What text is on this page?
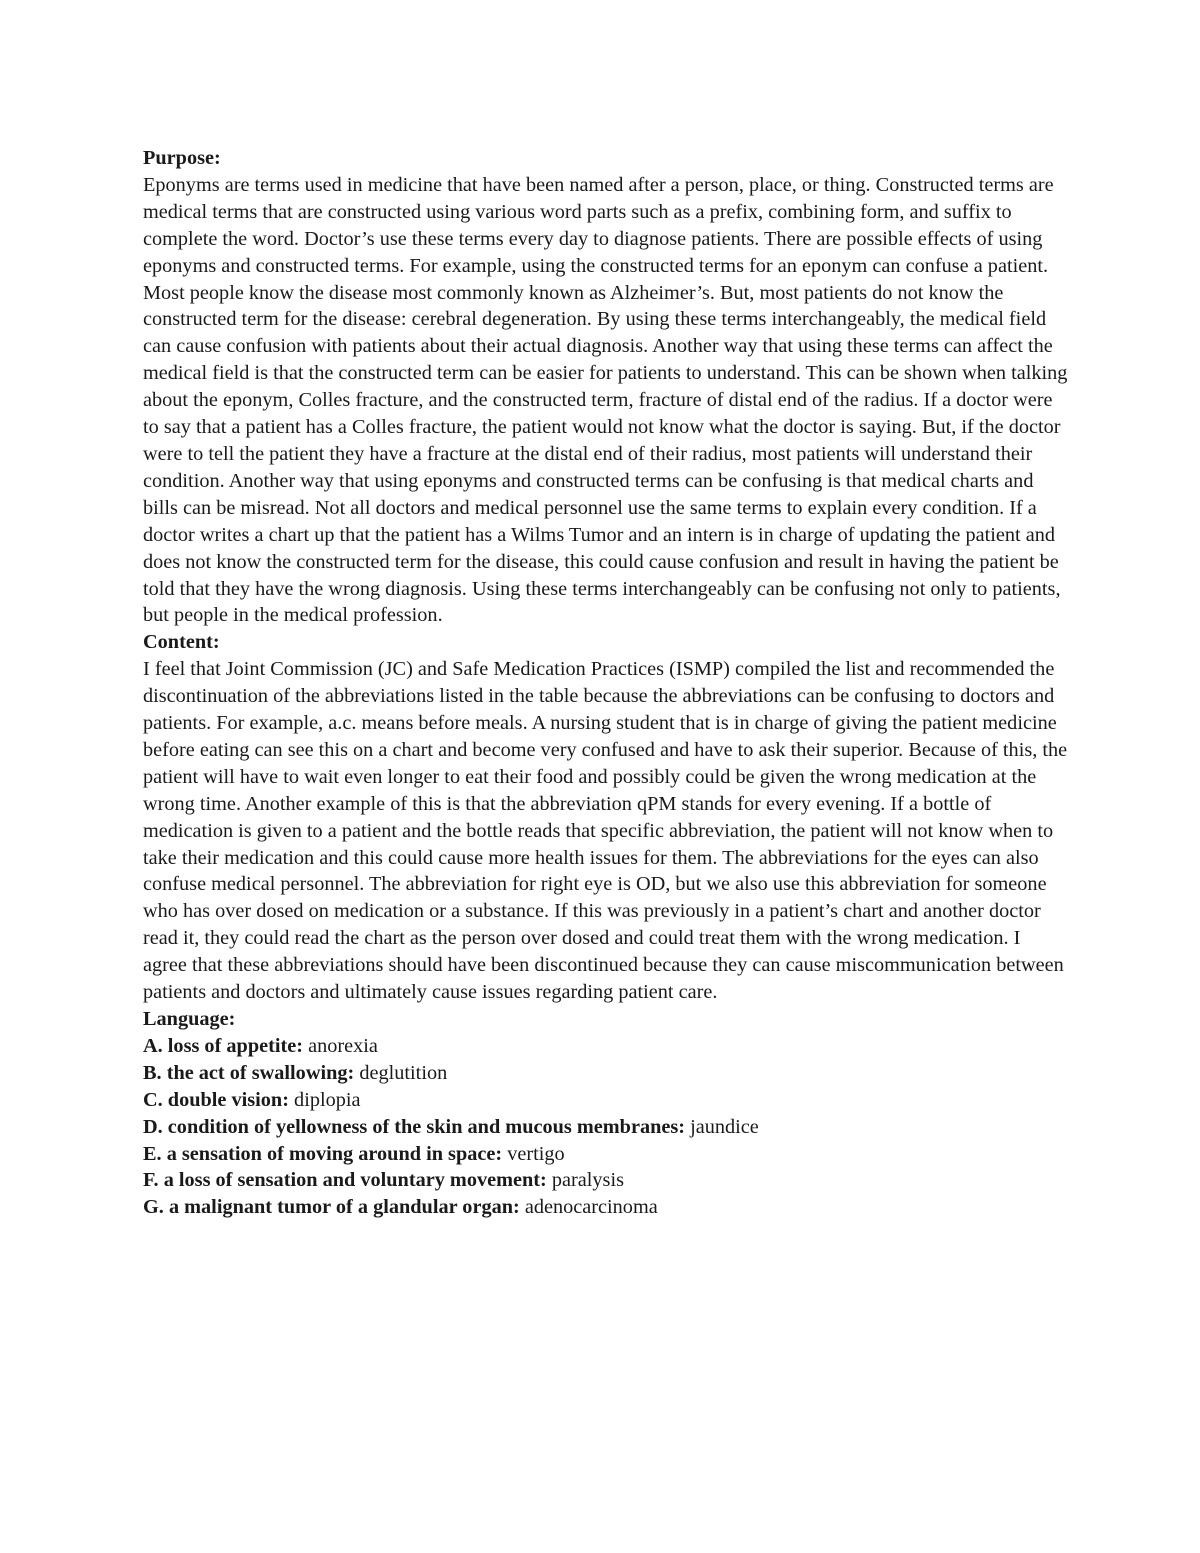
Purpose:

Eponyms are terms used in medicine that have been named after a person, place, or thing. Constructed terms are medical terms that are constructed using various word parts such as a prefix, combining form, and suffix to complete the word. Doctor’s use these terms every day to diagnose patients. There are possible effects of using eponyms and constructed terms. For example, using the constructed terms for an eponym can confuse a patient. Most people know the disease most commonly known as Alzheimer’s. But, most patients do not know the constructed term for the disease: cerebral degeneration. By using these terms interchangeably, the medical field can cause confusion with patients about their actual diagnosis. Another way that using these terms can affect the medical field is that the constructed term can be easier for patients to understand. This can be shown when talking about the eponym, Colles fracture, and the constructed term, fracture of distal end of the radius. If a doctor were to say that a patient has a Colles fracture, the patient would not know what the doctor is saying. But, if the doctor were to tell the patient they have a fracture at the distal end of their radius, most patients will understand their condition. Another way that using eponyms and constructed terms can be confusing is that medical charts and bills can be misread. Not all doctors and medical personnel use the same terms to explain every condition. If a doctor writes a chart up that the patient has a Wilms Tumor and an intern is in charge of updating the patient and does not know the constructed term for the disease, this could cause confusion and result in having the patient be told that they have the wrong diagnosis. Using these terms interchangeably can be confusing not only to patients, but people in the medical profession.

Content:

I feel that Joint Commission (JC) and Safe Medication Practices (ISMP) compiled the list and recommended the discontinuation of the abbreviations listed in the table because the abbreviations can be confusing to doctors and patients. For example, a.c. means before meals. A nursing student that is in charge of giving the patient medicine before eating can see this on a chart and become very confused and have to ask their superior. Because of this, the patient will have to wait even longer to eat their food and possibly could be given the wrong medication at the wrong time. Another example of this is that the abbreviation qPM stands for every evening. If a bottle of medication is given to a patient and the bottle reads that specific abbreviation, the patient will not know when to take their medication and this could cause more health issues for them. The abbreviations for the eyes can also confuse medical personnel. The abbreviation for right eye is OD, but we also use this abbreviation for someone who has over dosed on medication or a substance. If this was previously in a patient’s chart and another doctor read it, they could read the chart as the person over dosed and could treat them with the wrong medication. I agree that these abbreviations should have been discontinued because they can cause miscommunication between patients and doctors and ultimately cause issues regarding patient care.

Language:

A. loss of appetite: anorexia
B. the act of swallowing: deglutition
C. double vision: diplopia
D. condition of yellowness of the skin and mucous membranes: jaundice
E. a sensation of moving around in space: vertigo
F. a loss of sensation and voluntary movement: paralysis
G. a malignant tumor of a glandular organ: adenocarcinoma
